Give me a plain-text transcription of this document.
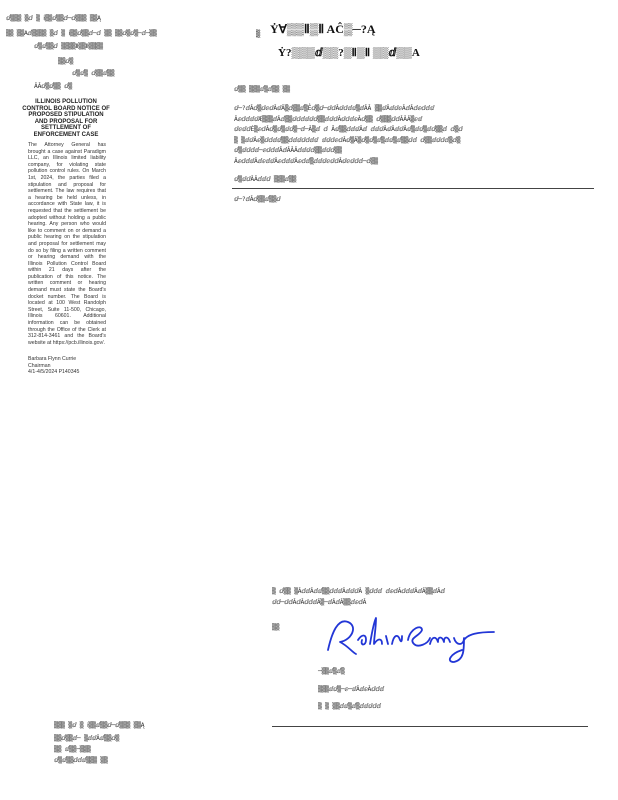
ⅆ▒▒▒ ▒ⅆ ▒ ⅰ▒▒ⅆ▒▒ⅆ─ⅆ▒▒▒ ▒▒Ą
▒▒ ▒▒Aⅆ▒▒▒▒ ▒ⅆ ▒ ⅰ▒▒ⅆ▒▒ⅆ─ⅆ ▒▒ ▒▒ⅆ▒ⅆ▒─ⅆ─▒▒
ⅆ▒ⅆ▒▒ⅆ ▒▒▒▒Ⅱ▒▒Ⅱ▒▒▒▒
▒▒ⅆ▒
ⅆ▒ⅆ▒ ⅆ▒▒ⅆ▒▒
ÂÂⅆ▒ⅆ▒▒ ⅆ▒
ILLINOIS POLLUTION CONTROL BOARD NOTICE OF PROPOSED STIPULATION AND PROPOSAL FOR SETTLEMENT OF ENFORCEMENT CASE
The Attorney General has brought a case against Paradigm LLC, an Illinois limited liability company, for violating state pollution control rules. On March 1st, 2024, the parties filed a stipulation and proposal for settlement. The law requires that a hearing be held unless, in accordance with State law, it is requested that the settlement be adopted without holding a public hearing. Any person who would like to comment on or demand a public hearing on the stipulation and proposal for settlement may do so by filing a written comment or hearing demand with the Illinois Pollution Control Board within 21 days after the publication of this notice. The written comment or hearing demand must state the Board's docket number. The Board is located at 100 West Randolph Street, Suite 11-500, Chicago, Illinois 60601. Additional information can be obtained through the Office of the Clerk at 312-814-3461 and the Board's website at https://pcb.illinois.gov/.
Barbara Flynn Currie
Chairman
4/1-4/5/2024 P140345
▒ Ẏ∀▒▒Ⅱ▒Ⅱ AĈ▒─?Ą
Ẏ?▒▒▒ⅆ▒▒?▒Ⅱ▒Ⅱ ▒▒ⅆ▒▒A
ⅆ▒▒ ▒▒▒ⅆ▒ⅆ▒▒ ▒▒
ⅆ─?ⅆÂⅆ▒ⅆⅇⅆÂⅆÂ▒ⅆ▒▒ⅆ▒Ẻⅆ▒ⅆ─ⅆⅆÂⅆⅆⅆⅆ▒ⅆÂÂ ▒▒ⅆÂⅆⅆⅇÂⅆÂⅆⅇⅆⅆⅆ
ÂⅇⅆⅆⅆⅆÆ▒▒▒ⅆÂⅆ▒▒ⅆⅆⅆⅆⅆⅆ▒▒ⅆⅆⅆÂⅆⅆⅆⅇÂⅆ▒▒ ⅆ▒▒▒ⅆⅆÂÂÂ▒ⅇⅆ
ⅆⅇⅆⅆÉ▒ⅇⅆÂⅆ▒ⅆ▒ⅆⅆ▒─ⅆ─Â▒ⅆ ⅆ Ăⅆ▒▒ⅆⅆⅆÂⅆ ⅆⅆⅆÂⅆÂⅆⅆÂⅆ▒ⅆⅆ▒ⅆⅆ▒▒ⅆ ⅆ▒ⅆ
▒ ▒ⅆⅆÂⅇ▒ⅆⅆⅆⅆ▒▒ⅆⅆⅆⅆⅆⅆⅆ ⅆⅆⅆⅇⅆÂⅆ▒Ă▒ⅆ▒ⅆ▒ⅆ▒ⅆⅆ▒ⅆ▒▒ⅆⅆ ⅆ▒▒ⅆⅆⅆⅆ▒ⅆ▒
ⅆ▒ⅆⅆⅆⅆ─ⅇⅆⅆⅆÂⅆÂÂÂⅆⅆⅆⅆ▒▒ⅆⅆⅆ▒▒
ÂⅇⅆⅆⅆÂⅆⅇⅆⅆÂⅇⅆⅆⅆÂⅇⅆⅆ▒ⅆⅆⅆⅇⅆⅆÂⅆⅇⅆⅆⅆ─ⅆ▒▒
ⅆ▒ⅆⅆÂÂⅆⅆⅆ ▒▒▒ⅆ▒▒
ⅆ─?ⅆÂⅆ▒▒ⅆ▒▒ⅆ
▒ ⅆ▒▒ ▒ÂⅆⅆÂⅆⅆ▒▒ⅆⅆⅆÂⅆⅆⅆÂ ▒ⅆⅆⅆ ⅆⅇⅆÂⅆⅆⅆÂⅆÂ▒▒ⅆÂⅆ
ⅆⅆ─ⅆⅆÂⅆÂⅆⅆⅆÂ▒─ⅆÂⅆÂ▒▒ⅆⅇⅆÂ
▒▒
─▒▒ⅆ▒ⅆ▒
▒▒▒ⅆⅆ▒─ⅇ─ⅆÂⅆⅇÂⅆⅆⅆ
▒ ▒ ▒▒ⅆⅆ▒ⅆ▒ⅆⅆⅆⅆⅆ
▒▒▒ ▒ⅆ ▒ ⅰ▒▒ⅆ▒▒ⅆ─ⅆ▒▒▒ ▒▒Ą
▒▒ⅆ▒▒ⅆ─ ▒ⅆⅆÂⅆ▒▒ⅆ▒
▒▒ ⅆ▒▒─▒▒▒
ⅆ▒ⅆ▒▒ⅆⅆⅆ▒▒▒ ▒▒
